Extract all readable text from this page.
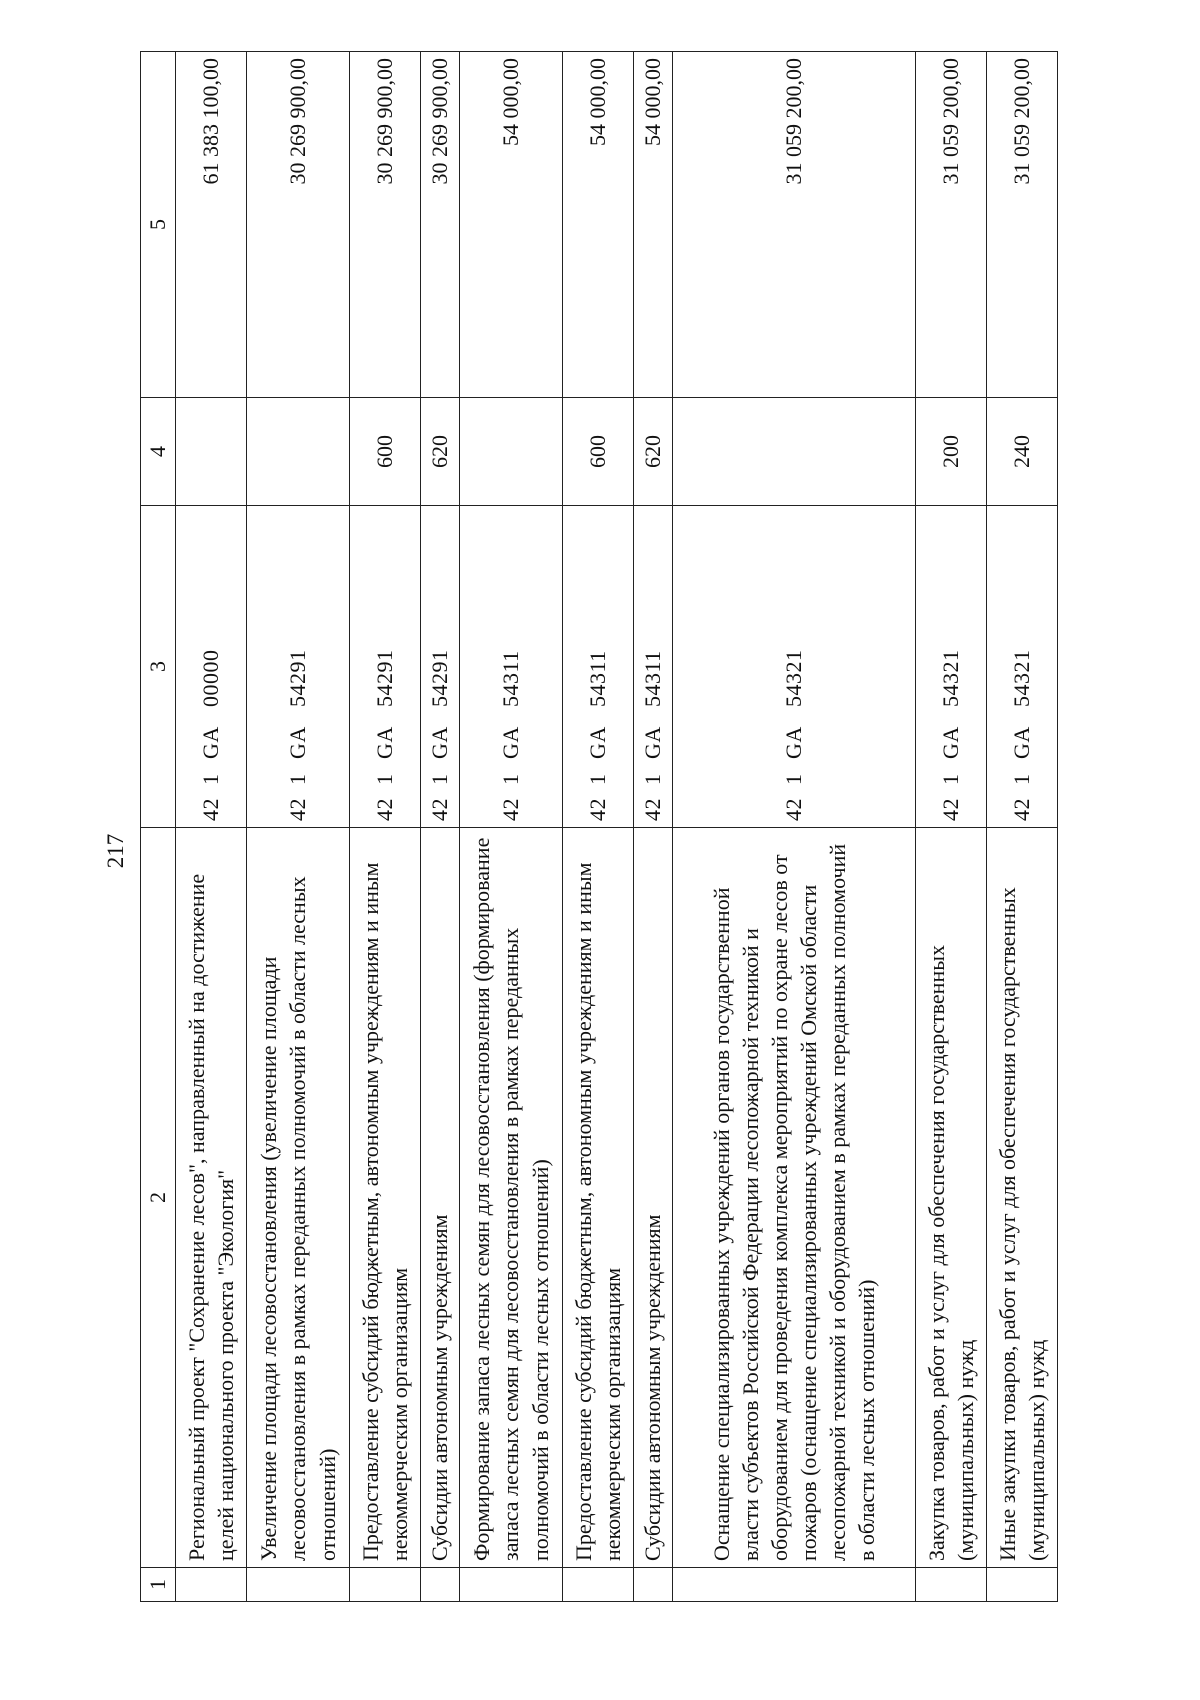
217
1	2	3	4	5
	Региональный проект "Сохранение лесов", направленный на достижение целей национального проекта "Экология"	421GA00000		61 383 100,00
	Увеличение площади лесовосстановления (увеличение площади лесовосстановления в рамках переданных полномочий в области лесных отношений)	421GA54291		30 269 900,00
	Предоставление субсидий бюджетным, автономным учреждениям и иным некоммерческим организациям	421GA54291	600	30 269 900,00
	Субсидии автономным учреждениям	421GA54291	620	30 269 900,00
	Формирование запаса лесных семян для лесовосстановления (формирование запаса лесных семян для лесовосстановления в рамках переданных полномочий в области лесных отношений)	421GA54311		54 000,00
	Предоставление субсидий бюджетным, автономным учреждениям и иным некоммерческим организациям	421GA54311	600	54 000,00
	Субсидии автономным учреждениям	421GA54311	620	54 000,00
	Оснащение специализированных учреждений органов государственной власти субъектов Российской Федерации лесопожарной техникой и оборудованием для проведения комплекса мероприятий по охране лесов от пожаров (оснащение специализированных учреждений Омской области лесопожарной техникой и оборудованием в рамках переданных полномочий в области лесных отношений)	421GA54321		31 059 200,00
	Закупка товаров, работ и услуг для обеспечения государственных (муниципальных) нужд	421GA54321	200	31 059 200,00
	Иные закупки товаров, работ и услуг для обеспечения государственных (муниципальных) нужд	421GA54321	240	31 059 200,00
